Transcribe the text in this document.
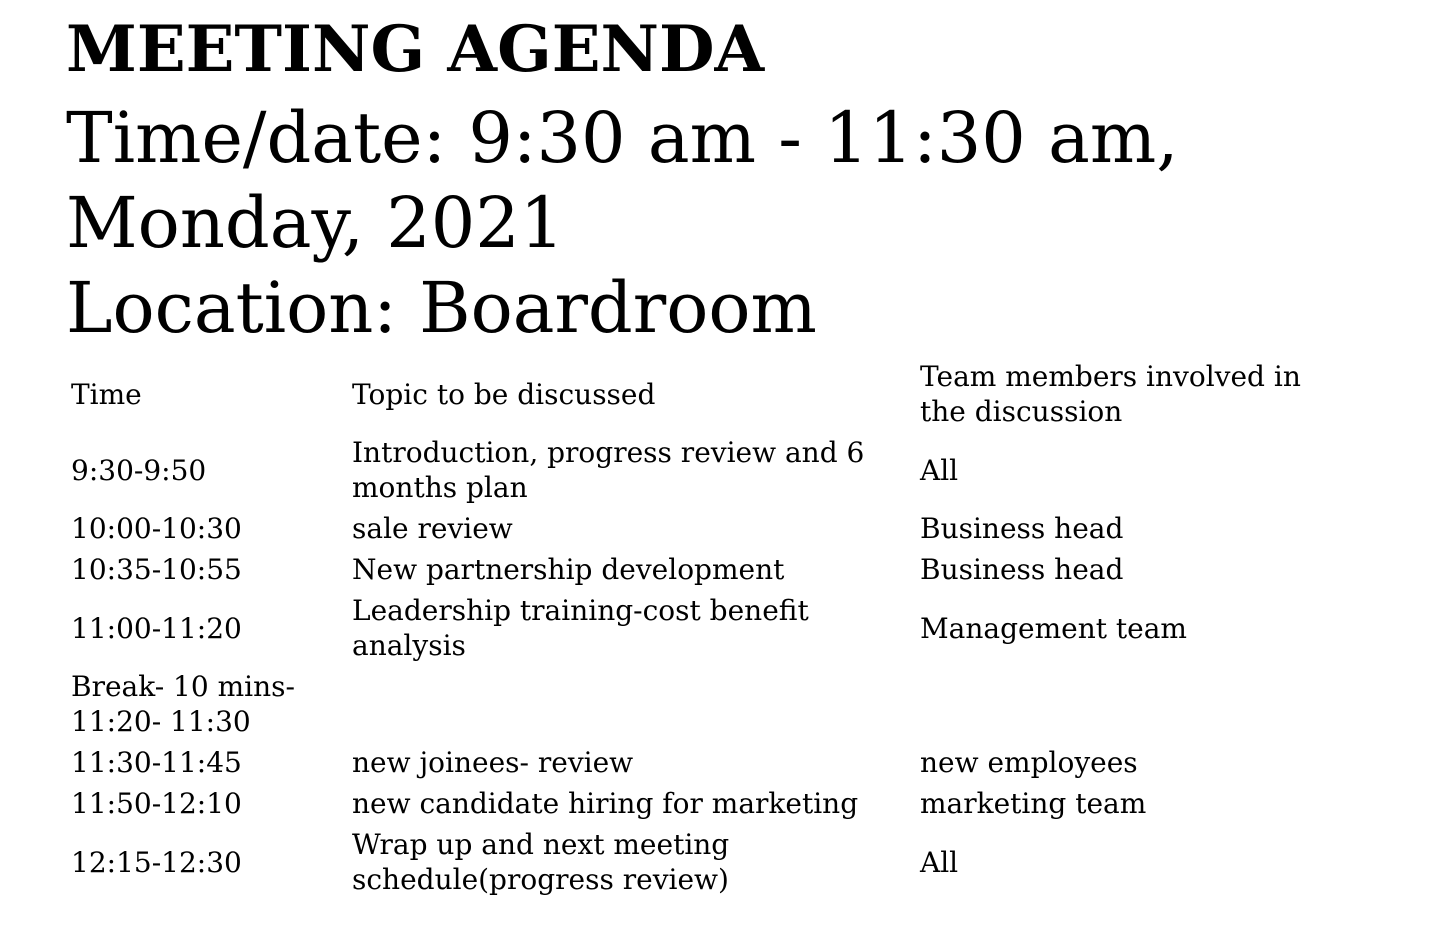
MEETING AGENDA
Time/date: 9:30 am - 11:30 am, Monday, 2021
Location: Boardroom
Time	Topic to be discussed	Team members involved in the discussion
9:30-9:50	Introduction, progress review and 6 months plan	All
10:00-10:30	sale review	Business head
10:35-10:55	New partnership development	Business head
11:00-11:20	Leadership training-cost benefit analysis	Management team
Break- 10 mins- 11:20- 11:30		
11:30-11:45	new joinees- review	new employees
11:50-12:10	new candidate hiring for marketing	marketing team
12:15-12:30	Wrap up and next meeting schedule(progress review)	All
